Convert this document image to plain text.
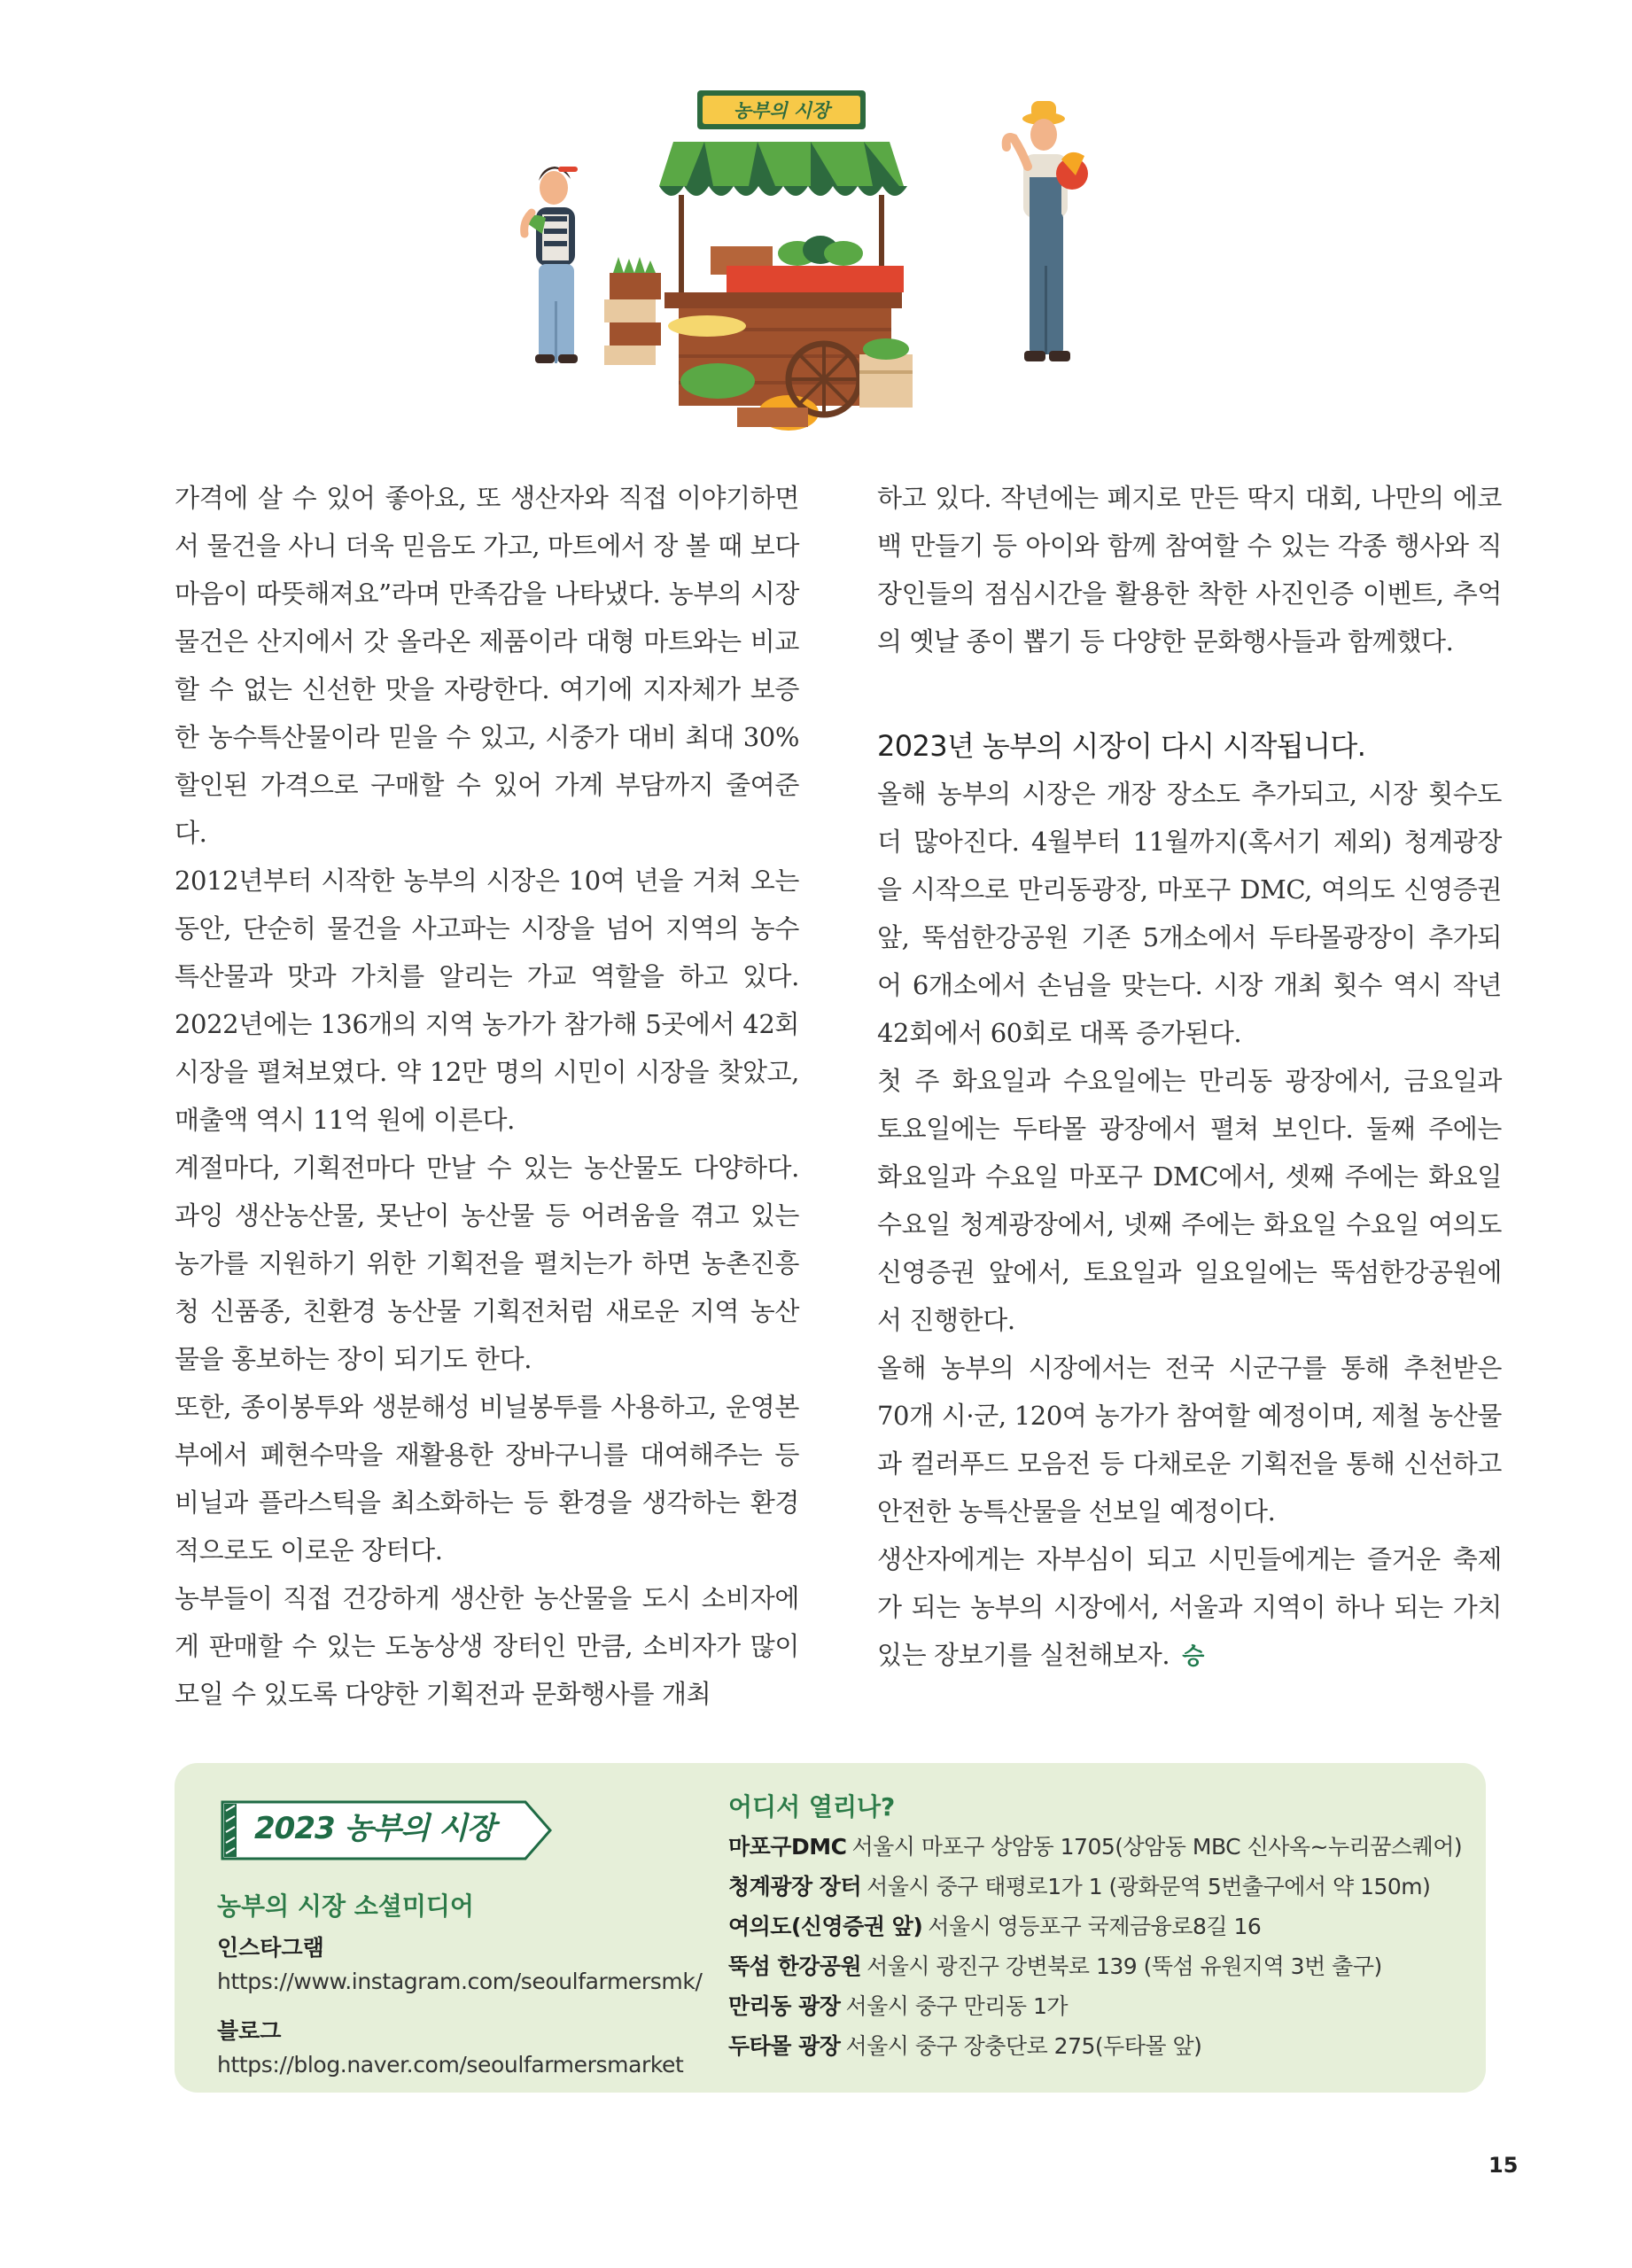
농부의 시장

가격에 살 수 있어 좋아요, 또 생산자와 직접 이야기하면서 물건을 사니 더욱 믿음도 가고, 마트에서 장 볼 때 보다 마음이 따뜻해져요”라며 만족감을 나타냈다. 농부의 시장 물건은 산지에서 갓 올라온 제품이라 대형 마트와는 비교할 수 없는 신선한 맛을 자랑한다. 여기에 지자체가 보증한 농수특산물이라 믿을 수 있고, 시중가 대비 최대 30% 할인된 가격으로 구매할 수 있어 가계 부담까지 줄여준다.

2012년부터 시작한 농부의 시장은 10여 년을 거쳐 오는 동안, 단순히 물건을 사고파는 시장을 넘어 지역의 농수특산물과 맛과 가치를 알리는 가교 역할을 하고 있다. 2022년에는 136개의 지역 농가가 참가해 5곳에서 42회 시장을 펼쳐보였다. 약 12만 명의 시민이 시장을 찾았고, 매출액 역시 11억 원에 이른다.

계절마다, 기획전마다 만날 수 있는 농산물도 다양하다. 과잉 생산농산물, 못난이 농산물 등 어려움을 겪고 있는 농가를 지원하기 위한 기획전을 펼치는가 하면 농촌진흥청 신품종, 친환경 농산물 기획전처럼 새로운 지역 농산물을 홍보하는 장이 되기도 한다.

또한, 종이봉투와 생분해성 비닐봉투를 사용하고, 운영본부에서 폐현수막을 재활용한 장바구니를 대여해주는 등 비닐과 플라스틱을 최소화하는 등 환경을 생각하는 환경적으로도 이로운 장터다.

농부들이 직접 건강하게 생산한 농산물을 도시 소비자에게 판매할 수 있는 도농상생 장터인 만큼, 소비자가 많이 모일 수 있도록 다양한 기획전과 문화행사를 개최

하고 있다. 작년에는 폐지로 만든 딱지 대회, 나만의 에코백 만들기 등 아이와 함께 참여할 수 있는 각종 행사와 직장인들의 점심시간을 활용한 착한 사진인증 이벤트, 추억의 옛날 종이 뽑기 등 다양한 문화행사들과 함께했다.

2023년 농부의 시장이 다시 시작됩니다.

올해 농부의 시장은 개장 장소도 추가되고, 시장 횟수도 더 많아진다. 4월부터 11월까지(혹서기 제외) 청계광장을 시작으로 만리동광장, 마포구 DMC, 여의도 신영증권 앞, 뚝섬한강공원 기존 5개소에서 두타몰광장이 추가되어 6개소에서 손님을 맞는다. 시장 개최 횟수 역시 작년 42회에서 60회로 대폭 증가된다.

첫 주 화요일과 수요일에는 만리동 광장에서, 금요일과 토요일에는 두타몰 광장에서 펼쳐 보인다. 둘째 주에는 화요일과 수요일 마포구 DMC에서, 셋째 주에는 화요일 수요일 청계광장에서, 넷째 주에는 화요일 수요일 여의도 신영증권 앞에서, 토요일과 일요일에는 뚝섬한강공원에서 진행한다.

올해 농부의 시장에서는 전국 시군구를 통해 추천받은 70개 시·군, 120여 농가가 참여할 예정이며, 제철 농산물과 컬러푸드 모음전 등 다채로운 기획전을 통해 신선하고 안전한 농특산물을 선보일 예정이다.

생산자에게는 자부심이 되고 시민들에게는 즐거운 축제가 되는 농부의 시장에서, 서울과 지역이 하나 되는 가치 있는 장보기를 실천해보자. 승

2023 농부의 시장
농부의 시장 소셜미디어
인스타그램
https://www.instagram.com/seoulfarmersmk/
블로그
https://blog.naver.com/seoulfarmersmarket
어디서 열리나?
마포구DMC 서울시 마포구 상암동 1705(상암동 MBC 신사옥~누리꿈스퀘어)
청계광장 장터 서울시 중구 태평로1가 1 (광화문역 5번출구에서 약 150m)
여의도(신영증권 앞) 서울시 영등포구 국제금융로8길 16
뚝섬 한강공원 서울시 광진구 강변북로 139 (뚝섬 유원지역 3번 출구)
만리동 광장 서울시 중구 만리동 1가
두타몰 광장 서울시 중구 장충단로 275(두타몰 앞)
15
